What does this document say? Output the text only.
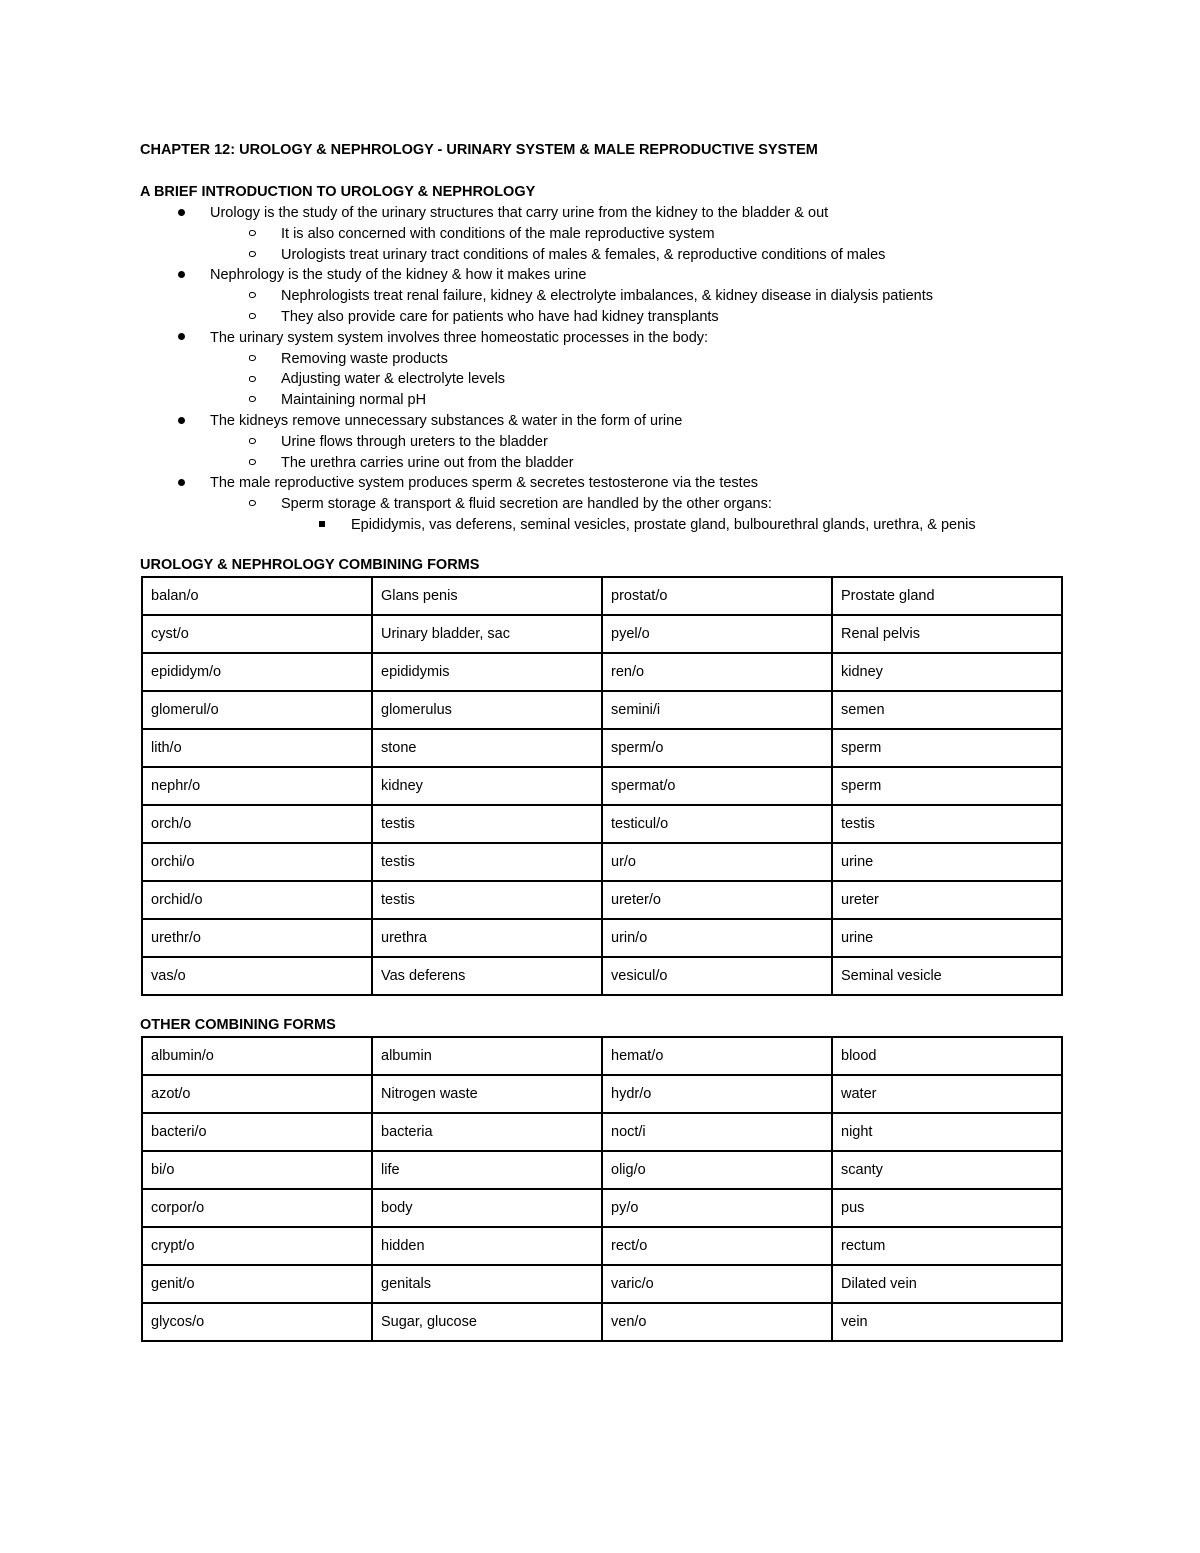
CHAPTER 12: UROLOGY & NEPHROLOGY - URINARY SYSTEM & MALE REPRODUCTIVE SYSTEM
A BRIEF INTRODUCTION TO UROLOGY & NEPHROLOGY
Urology is the study of the urinary structures that carry urine from the kidney to the bladder & out
It is also concerned with conditions of the male reproductive system
Urologists treat urinary tract conditions of males & females, & reproductive conditions of males
Nephrology is the study of the kidney & how it makes urine
Nephrologists treat renal failure, kidney & electrolyte imbalances, & kidney disease in dialysis patients
They also provide care for patients who have had kidney transplants
The urinary system system involves three homeostatic processes in the body:
Removing waste products
Adjusting water & electrolyte levels
Maintaining normal pH
The kidneys remove unnecessary substances & water in the form of urine
Urine flows through ureters to the bladder
The urethra carries urine out from the bladder
The male reproductive system produces sperm & secretes testosterone via the testes
Sperm storage & transport & fluid secretion are handled by the other organs:
Epididymis, vas deferens, seminal vesicles, prostate gland, bulbourethral glands, urethra, & penis
UROLOGY & NEPHROLOGY COMBINING FORMS
balan/o	Glans penis	prostat/o	Prostate gland
cyst/o	Urinary bladder, sac	pyel/o	Renal pelvis
epididym/o	epididymis	ren/o	kidney
glomerul/o	glomerulus	semini/i	semen
lith/o	stone	sperm/o	sperm
nephr/o	kidney	spermat/o	sperm
orch/o	testis	testicul/o	testis
orchi/o	testis	ur/o	urine
orchid/o	testis	ureter/o	ureter
urethr/o	urethra	urin/o	urine
vas/o	Vas deferens	vesicul/o	Seminal vesicle
OTHER COMBINING FORMS
albumin/o	albumin	hemat/o	blood
azot/o	Nitrogen waste	hydr/o	water
bacteri/o	bacteria	noct/i	night
bi/o	life	olig/o	scanty
corpor/o	body	py/o	pus
crypt/o	hidden	rect/o	rectum
genit/o	genitals	varic/o	Dilated vein
glycos/o	Sugar, glucose	ven/o	vein
